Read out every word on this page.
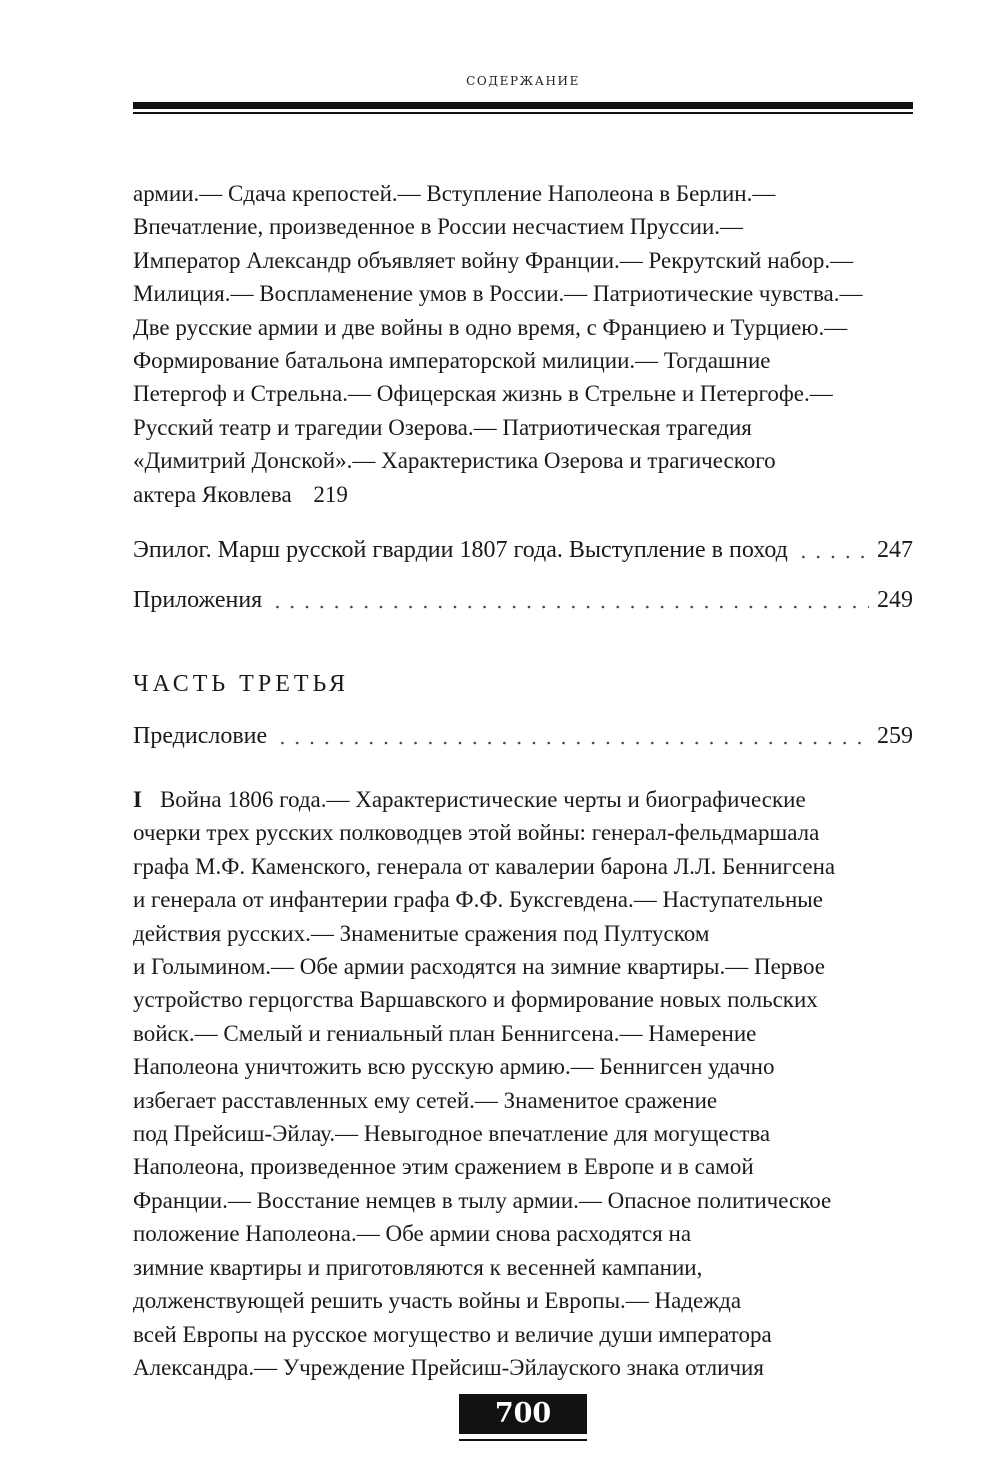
СОДЕРЖАНИЕ
армии.— Сдача крепостей.— Вступление Наполеона в Берлин.—
Впечатление, произведенное в России несчастием Пруссии.—
Император Александр объявляет войну Франции.— Рекрутский набор.—
Милиция.— Воспламенение умов в России.— Патриотические чувства.—
Две русские армии и две войны в одно время, с Франциею и Турциею.—
Формирование батальона императорской милиции.— Тогдашние
Петергоф и Стрельна.— Офицерская жизнь в Стрельне и Петергофе.—
Русский театр и трагедии Озерова.— Патриотическая трагедия
«Димитрий Донской».— Характеристика Озерова и трагического
актера Яковлева 219
Эпилог. Марш русской гвардии 1807 года. Выступление в поход	247
Приложения	249
ЧАСТЬ ТРЕТЬЯ
Предисловие	259
I Война 1806 года.— Характеристические черты и биографические
очерки трех русских полководцев этой войны: генерал-фельдмаршала
графа М.Ф. Каменского, генерала от кавалерии барона Л.Л. Беннигсена
и генерала от инфантерии графа Ф.Ф. Буксгевдена.— Наступательные
действия русских.— Знаменитые сражения под Пултуском
и Голымином.— Обе армии расходятся на зимние квартиры.— Первое
устройство герцогства Варшавского и формирование новых польских
войск.— Смелый и гениальный план Беннигсена.— Намерение
Наполеона уничтожить всю русскую армию.— Беннигсен удачно
избегает расставленных ему сетей.— Знаменитое сражение
под Прейсиш-Эйлау.— Невыгодное впечатление для могущества
Наполеона, произведенное этим сражением в Европе и в самой
Франции.— Восстание немцев в тылу армии.— Опасное политическое
положение Наполеона.— Обе армии снова расходятся на
зимние квартиры и приготовляются к весенней кампании,
долженствующей решить участь войны и Европы.— Надежда
всей Европы на русское могущество и величие души императора
Александра.— Учреждение Прейсиш-Эйлауского знака отличия
700
